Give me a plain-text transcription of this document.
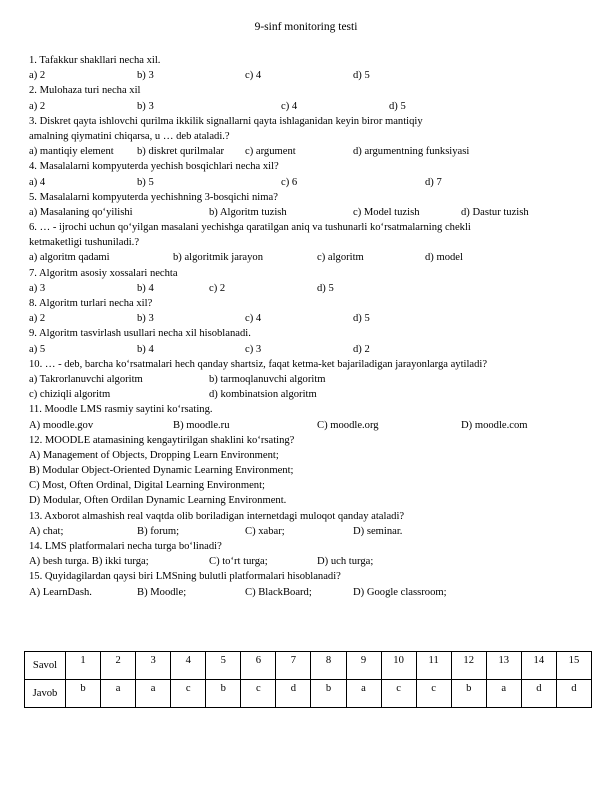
9-sinf monitoring testi
1. Tafakkur shakllari necha xil.
a) 2	b) 3	c) 4	d) 5
2. Mulohaza turi necha xil
a) 2	b) 3	c) 4	d) 5
3. Diskret qayta ishlovchi qurilma ikkilik signallarni qayta ishlaganidan keyin biror mantiqiy
amalning qiymatini chiqarsa, u … deb ataladi.?
a) mantiqiy element b) diskret qurilmalar c) argument	d) argumentning funksiyasi
4. Masalalarni kompyuterda yechish bosqichlari necha xil?
a) 4	b) 5	c) 6	d) 7
5. Masalalarni kompyuterda yechishning 3-bosqichi nima?
a) Masalaning qo‘yilishi	b) Algoritm tuzish	c) Model tuzish	d) Dastur tuzish
6. … - ijrochi uchun qo‘yilgan masalani yechishga qaratilgan aniq va tushunarli ko‘rsatmalarning chekli
ketmaketligi tushuniladi.?
a) algoritm qadami	b) algoritmik jarayon	c) algoritm	d) model
7. Algoritm asosiy xossalari nechta
a) 3	b) 4	c) 2	d) 5
8. Algoritm turlari necha xil?
a) 2	b) 3	c) 4	d) 5
9. Algoritm tasvirlash usullari necha xil hisoblanadi.
a) 5	b) 4	c) 3	d) 2
10. … - deb, barcha ko‘rsatmalari hech qanday shartsiz, faqat ketma-ket bajariladigan jarayonlarga aytiladi?
a) Takrorlanuvchi algoritm	b) tarmoqlanuvchi algoritm
c) chiziqli algoritm	d) kombinatsion algoritm
11. Moodle LMS rasmiy saytini ko‘rsating.
A) moodle.gov	B) moodle.ru	C) moodle.org	D) moodle.com
12. MOODLE atamasining kengaytirilgan shaklini ko‘rsating?
A) Management of Objects, Dropping Learn Environment;
B) Modular Object-Oriented Dynamic Learning Environment;
C) Most, Often Ordinal, Digital Learning Environment;
D) Modular, Often Ordilan Dynamic Learning Environment.
13. Axborot almashish real vaqtda olib boriladigan internetdagi muloqot qanday ataladi?
A) chat;	B) forum;	C) xabar;	D) seminar.
14. LMS platformalari necha turga bo‘linadi?
A) besh turga. B) ikki turga;	C) to‘rt turga;	D) uch turga;
15. Quyidagilardan qaysi biri LMSning bulutli platformalari hisoblanadi?
A) LearnDash.	B) Moodle;	C) BlackBoard;	D) Google classroom;
Savol	1	2	3	4	5	6	7	8	9	10	11	12	13	14	15
Javob	b	a	a	c	b	c	d	b	a	c	c	b	a	d	d
